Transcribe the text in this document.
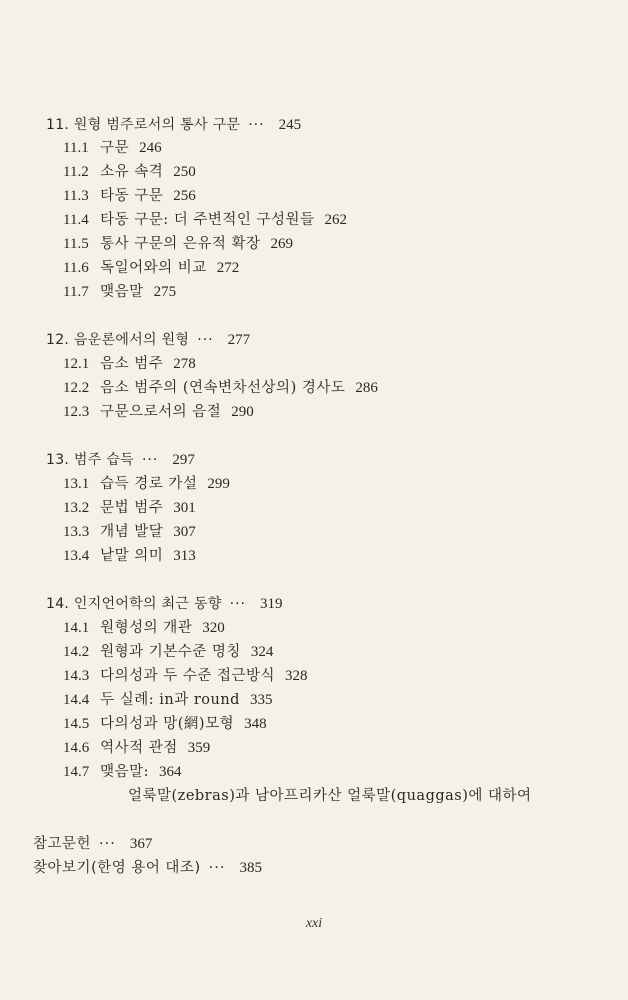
11. 원형 범주로서의 통사 구문 ··· 245
11.1 구문 246
11.2 소유 속격 250
11.3 타동 구문 256
11.4 타동 구문: 더 주변적인 구성원들 262
11.5 통사 구문의 은유적 확장 269
11.6 독일어와의 비교 272
11.7 맺음말 275
12. 음운론에서의 원형 ··· 277
12.1 음소 범주 278
12.2 음소 범주의 (연속변차선상의) 경사도 286
12.3 구문으로서의 음절 290
13. 범주 습득 ··· 297
13.1 습득 경로 가설 299
13.2 문법 범주 301
13.3 개념 발달 307
13.4 낱말 의미 313
14. 인지언어학의 최근 동향 ··· 319
14.1 원형성의 개관 320
14.2 원형과 기본수준 명칭 324
14.3 다의성과 두 수준 접근방식 328
14.4 두 실례: in과 round 335
14.5 다의성과 망(網)모형 348
14.6 역사적 관점 359
14.7 맺음말: 364
얼룩말(zebras)과 남아프리카산 얼룩말(quaggas)에 대하여
참고문헌 ··· 367
찾아보기(한영 용어 대조) ··· 385
xxi
